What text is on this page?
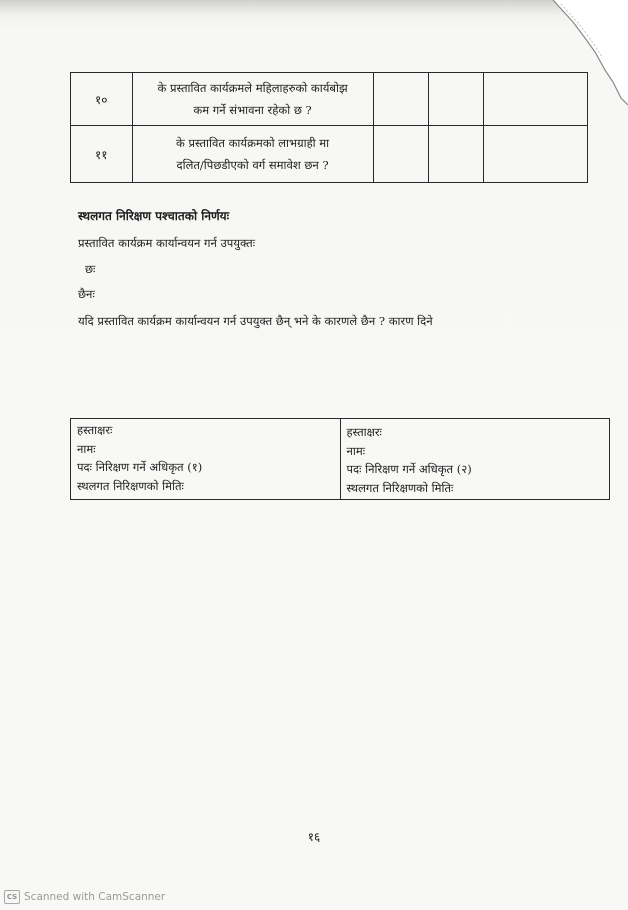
१०	के प्रस्तावित कार्यक्रमले महिलाहरुको कार्यबोझ
कम गर्ने संभावना रहेको छ ?			

११	के प्रस्तावित कार्यक्रमको लाभग्राही मा
दलित/पिछडीएको वर्ग समावेश छन ?			

स्थलगत निरिक्षण पश्चातको निर्णयः
प्रस्तावित कार्यक्रम कार्यान्वयन गर्न उपयुक्तः
छः
छैनः
यदि प्रस्तावित कार्यक्रम कार्यान्वयन गर्न उपयुक्त छैन् भने के कारणले छैन ? कारण दिने
हस्ताक्षरः
नामः
पदः निरिक्षण गर्ने अधिकृत (१)
स्थलगत निरिक्षणको मितिः
हस्ताक्षरः
नामः
पदः निरिक्षण गर्ने अधिकृत (२)
स्थलगत निरिक्षणको मितिः
१६
CS Scanned with CamScanner
